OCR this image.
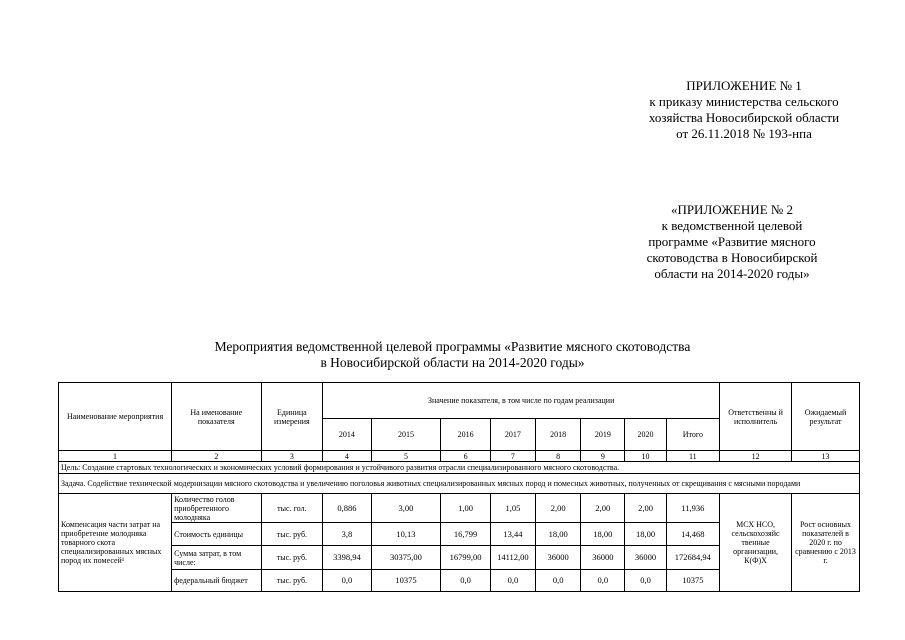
ПРИЛОЖЕНИЕ № 1
к приказу министерства сельского
хозяйства Новосибирской области
от 26.11.2018 № 193-нпа
«ПРИЛОЖЕНИЕ № 2
к ведомственной целевой
программе «Развитие мясного
скотоводства в Новосибирской
области на 2014-2020 годы»
Мероприятия ведомственной целевой программы «Развитие мясного скотоводства
в Новосибирской области на 2014-2020 годы»
Наименование мероприятия	На именование показателя	Единица измерения	Значение показателя, в том числе по годам реализации								Ответственны й исполнитель	Ожидаемый результат
			2014	2015	2016	2017	2018	2019	2020	Итого		
1	2	3	4	5	6	7	8	9	10	11	12	13
Цель: Создание стартовых технологических и экономических условий формирования и устойчивого развития отрасли специализированного мясного скотоводства.												
Задача. Содействие технической модернизации мясного скотоводства и увеличению поголовья животных специализированных мясных пород и помесных животных, полученных от скрещивания с мясными породами												
Компенсация части затрат на приобретение молодняка товарного скота специализированных мясных пород их помесей¹	Количество голов приобретенного молодняка	тыс. гол.	0,886	3,00	1,00	1,05	2,00	2,00	2,00	11,936	МСХ НСО, сельскохозяйс твенные организации, К(Ф)Х	Рост основных показателей в 2020 г. по сравнению с 2013 г.
	Стоимость единицы	тыс. руб.	3,8	10,13	16,799	13,44	18,00	18,00	18,00	14,468		
	Сумма затрат, в том числе:	тыс. руб.	3398,94	30375,00	16799,00	14112,00	36000	36000	36000	172684,94		
	федеральный бюджет	тыс. руб.	0,0	10375	0,0	0,0	0,0	0,0	0,0	10375		
